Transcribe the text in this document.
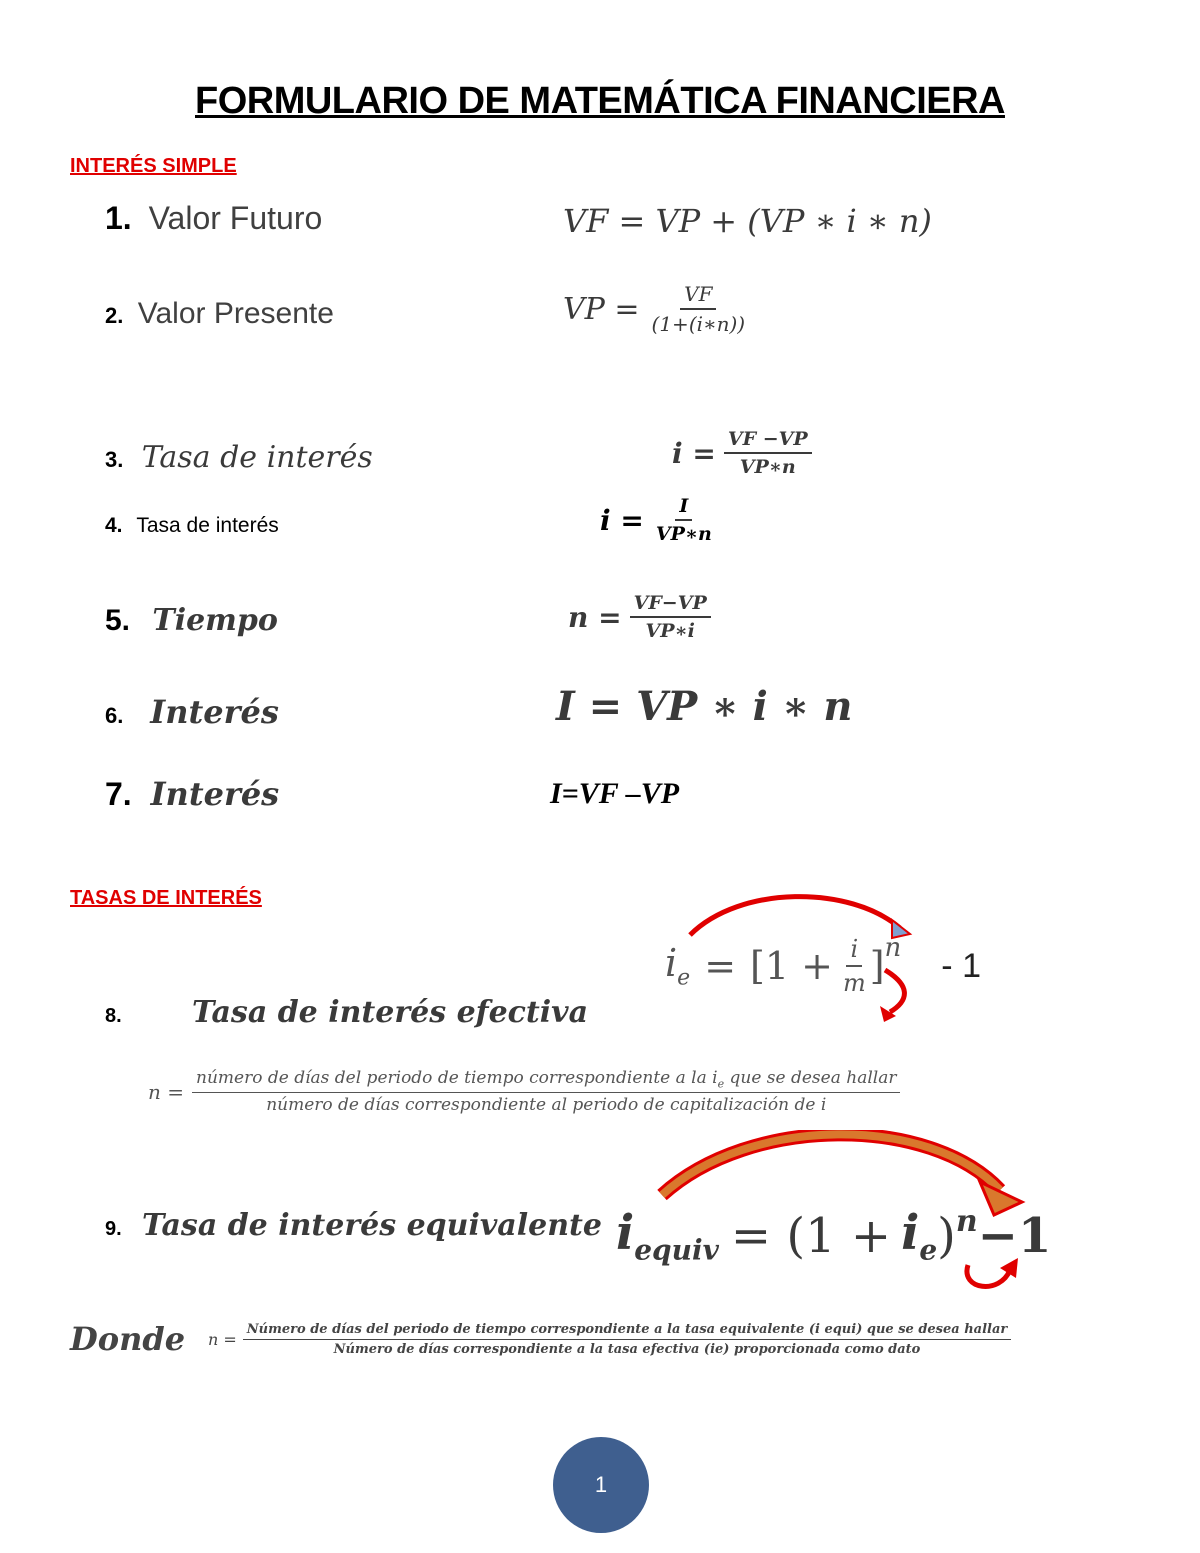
FORMULARIO DE MATEMÁTICA FINANCIERA
INTERÉS SIMPLE
1. Valor Futuro	VF = VP + (VP ∗ i ∗ n)
2. Valor Presente	VP = $\frac{VF}{(1+(i∗n))}$
3. Tasa de interés	$i = \frac{VF -VP}{VP∗n}$
4. Tasa de interés	$i = \frac{I}{VP∗n}$
5. Tiempo	$n = \frac{VF-VP}{VP∗i}$
6. Interés	I = VP ∗ i ∗ n
7. Interés	I=VF –VP
TASAS DE INTERÉS
8. Tasa de interés efectiva
$i_e = [1 + \frac{i}{m} ]^n - 1$
n =
número de días del periodo de tiempo correspondiente a la $i_e$ que se desea hallar
número de días correspondiente al periodo de capitalización de i
9. Tasa de interés equivalente $i_{equiv} = (1 + i_e$ )$^n$ −1
Donde n =
Número de días del periodo de tiempo correspondiente a la tasa equivalente (i equi) que se desea hallar
Número de días correspondiente a la tasa efectiva (ie) proporcionada como dato
1
